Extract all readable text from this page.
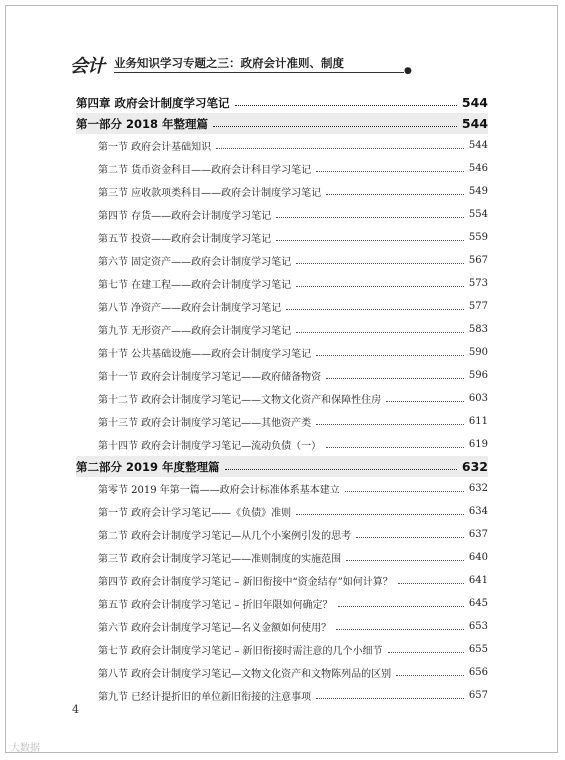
会计 业务知识学习专题之三：政府会计准则、制度
●
第四章 政府会计制度学习笔记	544
第一部分 2018 年整理篇	544
第一节 政府会计基础知识	544
第二节 货币资金科目——政府会计科目学习笔记	546
第三节 应收款项类科目——政府会计制度学习笔记	549
第四节 存货——政府会计制度学习笔记	554
第五节 投资——政府会计制度学习笔记	559
第六节 固定资产——政府会计制度学习笔记	567
第七节 在建工程——政府会计制度学习笔记	573
第八节 净资产——政府会计制度学习笔记	577
第九节 无形资产——政府会计制度学习笔记	583
第十节 公共基础设施——政府会计制度学习笔记	590
第十一节 政府会计制度学习笔记——政府储备物资	596
第十二节 政府会计制度学习笔记——文物文化资产和保障性住房	603
第十三节 政府会计制度学习笔记——其他资产类	611
第十四节 政府会计制度学习笔记—流动负债（一）	619
第二部分 2019 年度整理篇	632
第零节 2019 年第一篇——政府会计标准体系基本建立	632
第一节 政府会计学习笔记——《负债》准则	634
第二节 政府会计制度学习笔记—从几个小案例引发的思考	637
第三节 政府会计制度学习笔记——准则制度的实施范围	640
第四节 政府会计制度学习笔记 – 新旧衔接中“资金结存”如何计算？	641
第五节 政府会计制度学习笔记 – 折旧年限如何确定？	645
第六节 政府会计制度学习笔记—名义金额如何使用？	653
第七节 政府会计制度学习笔记 – 新旧衔接时需注意的几个小细节	655
第八节 政府会计制度学习笔记—文物文化资产和文物陈列品的区别	656
第九节 已经计提折旧的单位新旧衔接的注意事项	657
4
大数据
